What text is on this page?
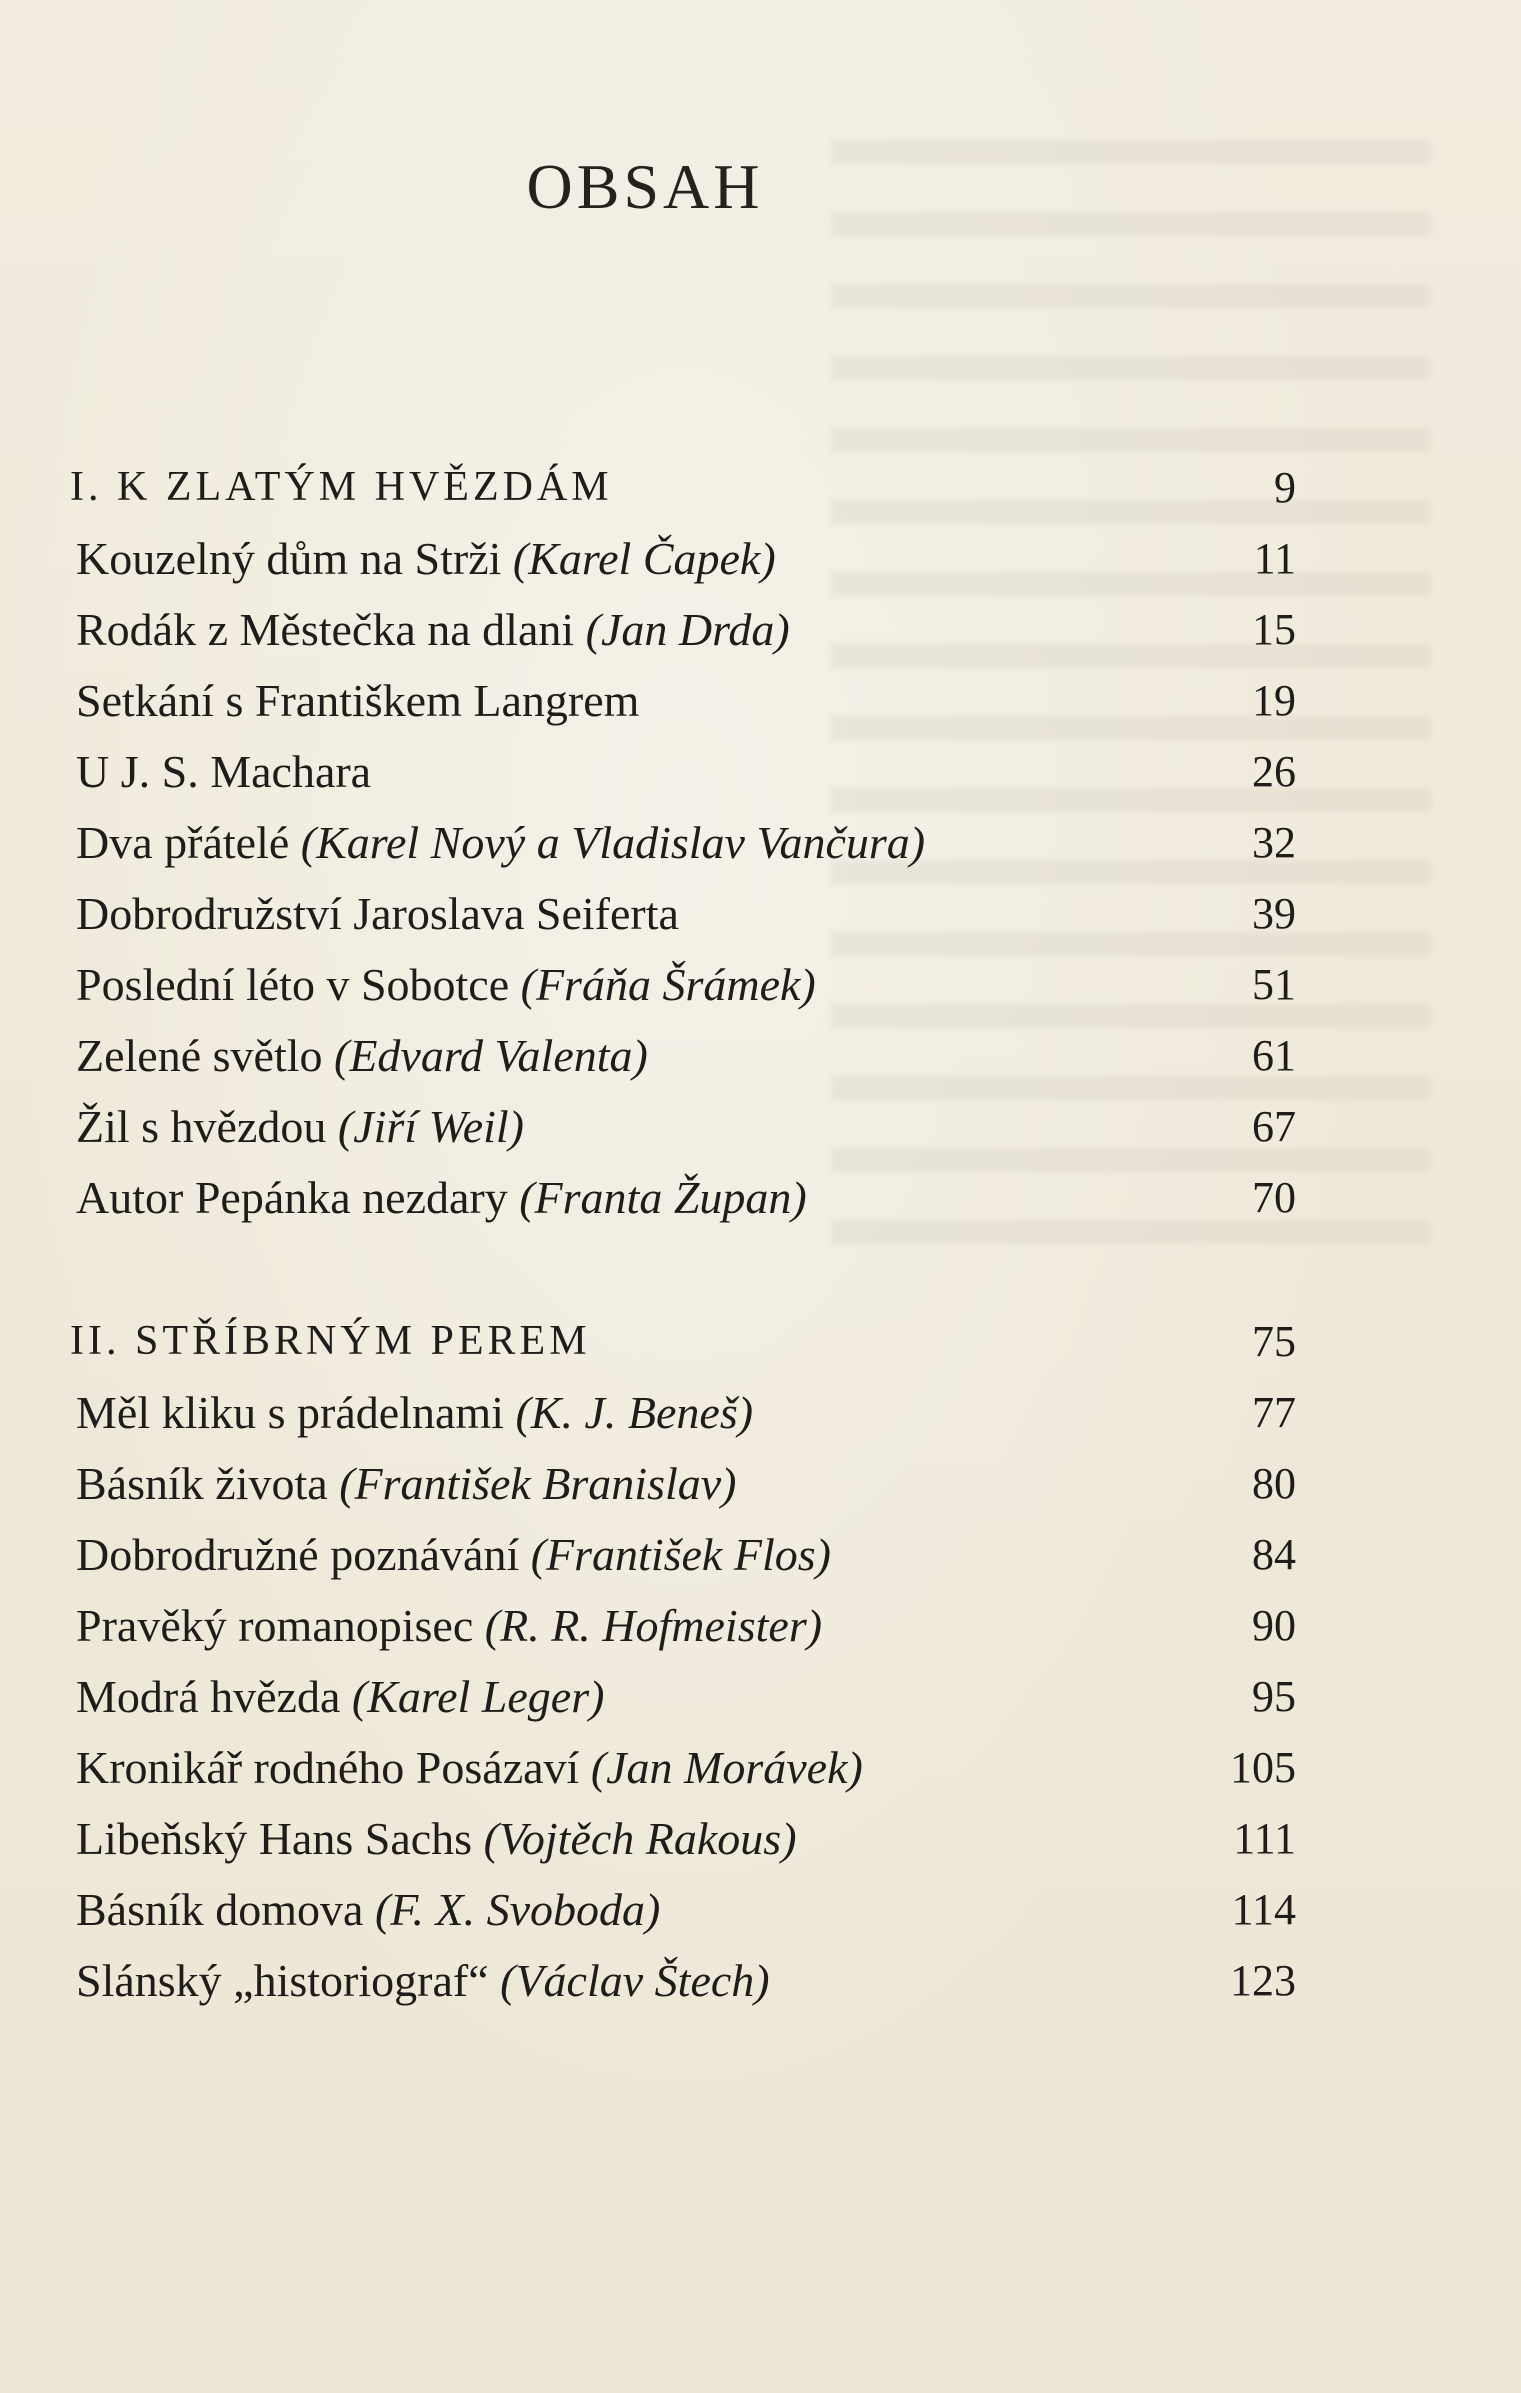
OBSAH
I. K ZLATÝM HVĚZDÁM	9
Kouzelný dům na Strži (Karel Čapek)	11
Rodák z Městečka na dlani (Jan Drda)	15
Setkání s Františkem Langrem	19
U J. S. Machara	26
Dva přátelé (Karel Nový a Vladislav Vančura)	32
Dobrodružství Jaroslava Seiferta	39
Poslední léto v Sobotce (Fráňa Šrámek)	51
Zelené světlo (Edvard Valenta)	61
Žil s hvězdou (Jiří Weil)	67
Autor Pepánka nezdary (Franta Župan)	70
II. STŘÍBRNÝM PEREM	75
Měl kliku s prádelnami (K. J. Beneš)	77
Básník života (František Branislav)	80
Dobrodružné poznávání (František Flos)	84
Pravěký romanopisec (R. R. Hofmeister)	90
Modrá hvězda (Karel Leger)	95
Kronikář rodného Posázaví (Jan Morávek)	105
Libeňský Hans Sachs (Vojtěch Rakous)	111
Básník domova (F. X. Svoboda)	114
Slánský „historiograf“ (Václav Štech)	123
